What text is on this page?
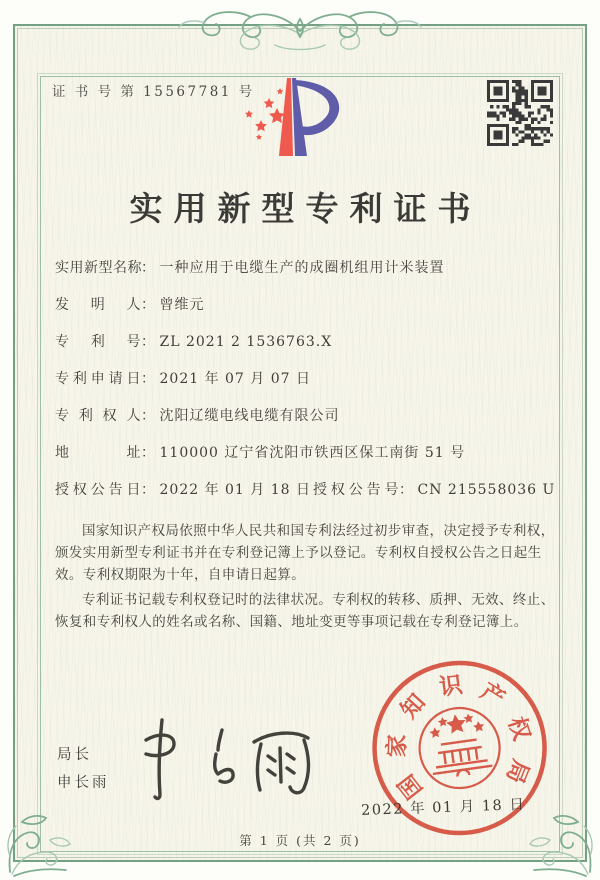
证 书 号 第 15567781 号
实用新型专利证书
实用新型名称： 一种应用于电缆生产的成圈机组用计米装置
发明人： 曾维元
专利号： ZL 2021 2 1536763.X
专利申请日： 2021 年 07 月 07 日
专利权人： 沈阳辽缆电线电缆有限公司
地址： 110000 辽宁省沈阳市铁西区保工南街 51 号
授权公告日： 2022 年 01 月 18 日 授权公告号： CN 215558036 U

国家知识产权局依照中华人民共和国专利法经过初步审查，决定授予专利权，颁发实用新型专利证书并在专利登记簿上予以登记。专利权自授权公告之日起生效。专利权期限为十年，自申请日起算。

专利证书记载专利权登记时的法律状况。专利权的转移、质押、无效、终止、恢复和专利权人的姓名或名称、国籍、地址变更等事项记载在专利登记簿上。

局长
申长雨	国
家
知
识 产
权
局
2022 年 01 月 18 日
第 1 页 (共 2 页)
